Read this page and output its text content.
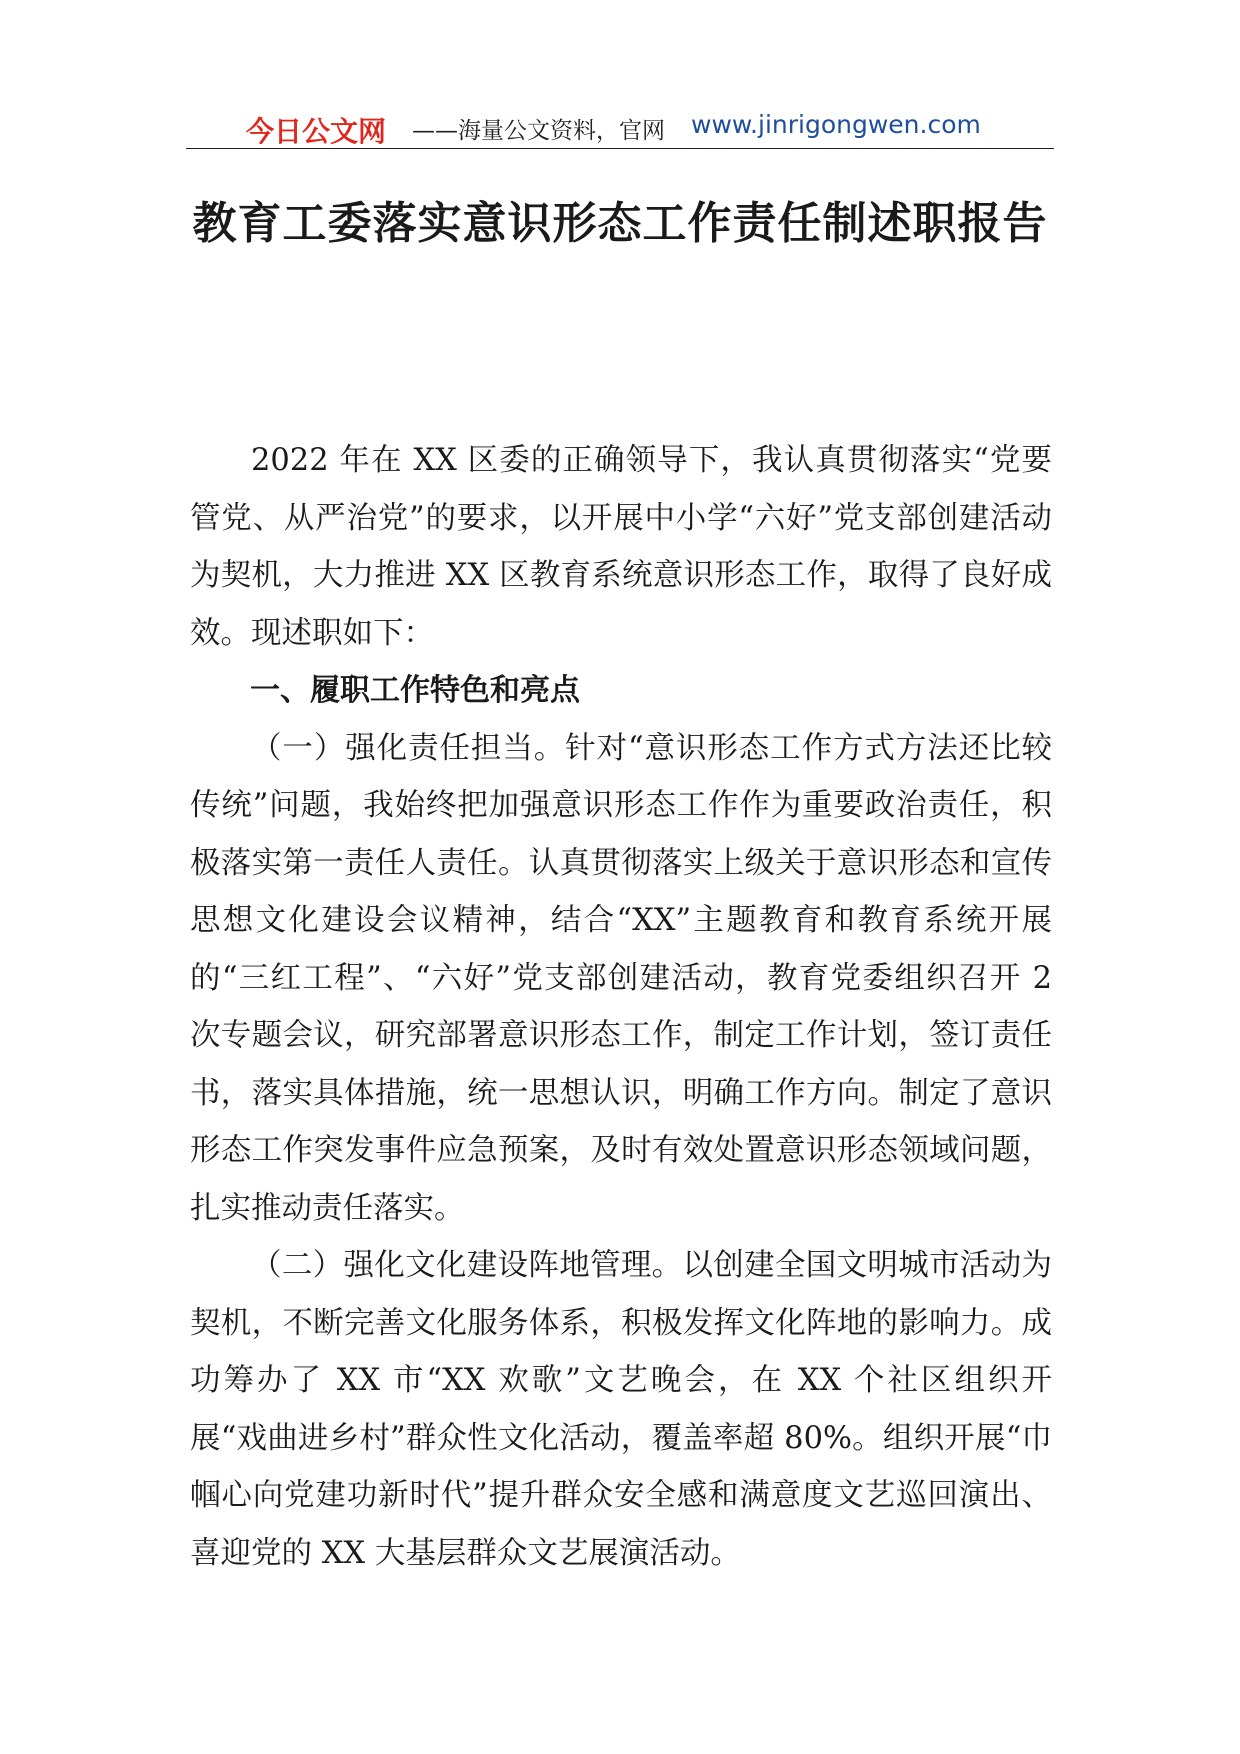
今日公文网 ——海量公文资料，官网 www.jinrigongwen.com
教育工委落实意识形态工作责任制述职报告

2022 年在 XX 区委的正确领导下，我认真贯彻落实“党要管党、从严治党”的要求，以开展中小学“六好”党支部创建活动为契机，大力推进 XX 区教育系统意识形态工作，取得了良好成效。现述职如下：

一、履职工作特色和亮点

（一）强化责任担当。针对“意识形态工作方式方法还比较传统”问题，我始终把加强意识形态工作作为重要政治责任，积极落实第一责任人责任。认真贯彻落实上级关于意识形态和宣传思想文化建设会议精神，结合“XX”主题教育和教育系统开展的“三红工程”、“六好”党支部创建活动，教育党委组织召开 2 次专题会议，研究部署意识形态工作，制定工作计划，签订责任书，落实具体措施，统一思想认识，明确工作方向。制定了意识形态工作突发事件应急预案，及时有效处置意识形态领域问题，扎实推动责任落实。

（二）强化文化建设阵地管理。以创建全国文明城市活动为契机，不断完善文化服务体系，积极发挥文化阵地的影响力。成功筹办了 XX 市“XX 欢歌”文艺晚会，在 XX 个社区组织开展“戏曲进乡村”群众性文化活动，覆盖率超 80%。组织开展“巾帼心向党建功新时代”提升群众安全感和满意度文艺巡回演出、喜迎党的 XX 大基层群众文艺展演活动。
